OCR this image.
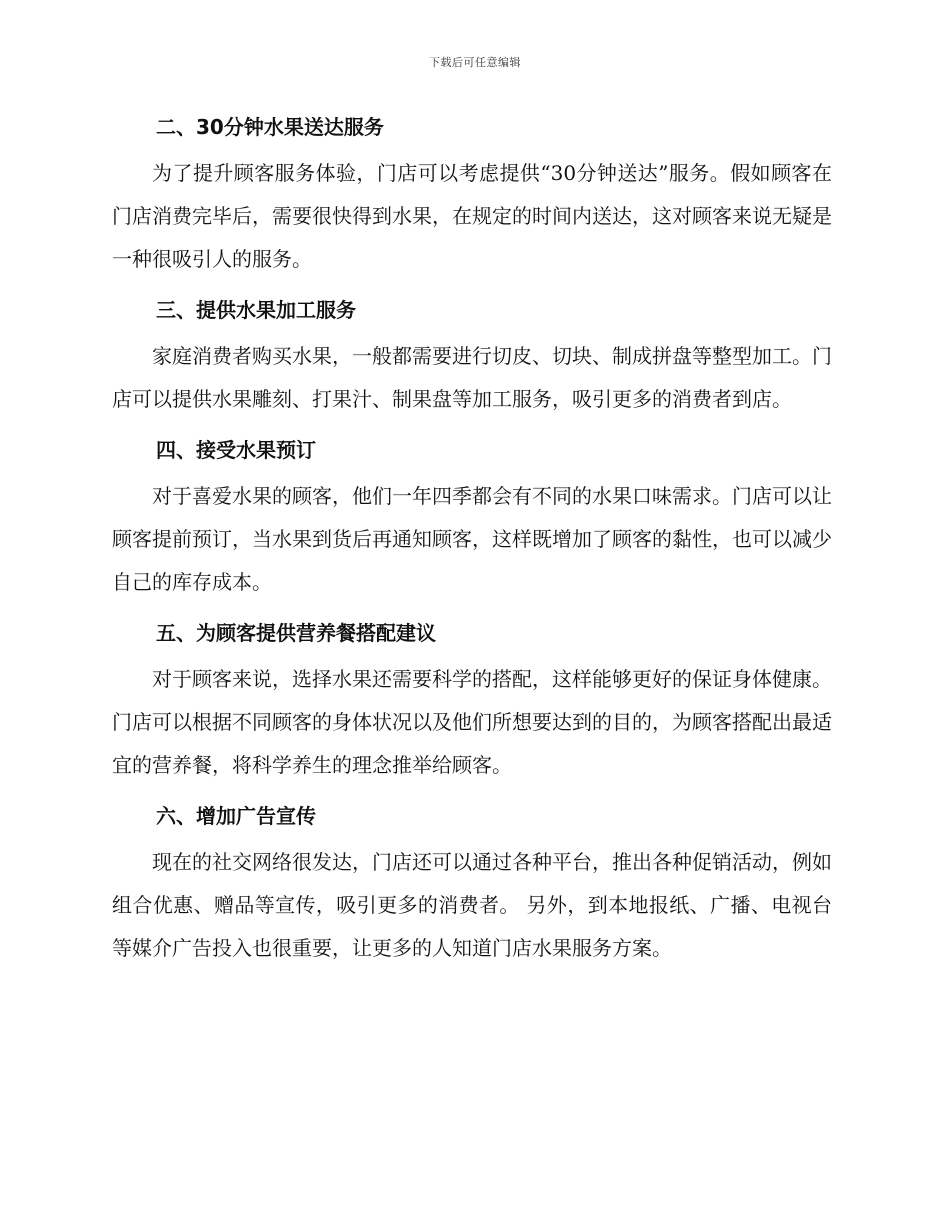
下载后可任意编辑
二、30分钟水果送达服务

为了提升顾客服务体验，门店可以考虑提供“30分钟送达”服务。假如顾客在门店消费完毕后，需要很快得到水果，在规定的时间内送达，这对顾客来说无疑是一种很吸引人的服务。

三、提供水果加工服务

家庭消费者购买水果，一般都需要进行切皮、切块、制成拼盘等整型加工。门店可以提供水果雕刻、打果汁、制果盘等加工服务，吸引更多的消费者到店。

四、接受水果预订

对于喜爱水果的顾客，他们一年四季都会有不同的水果口味需求。门店可以让顾客提前预订，当水果到货后再通知顾客，这样既增加了顾客的黏性，也可以减少自己的库存成本。

五、为顾客提供营养餐搭配建议

对于顾客来说，选择水果还需要科学的搭配，这样能够更好的保证身体健康。门店可以根据不同顾客的身体状况以及他们所想要达到的目的，为顾客搭配出最适宜的营养餐，将科学养生的理念推举给顾客。

六、增加广告宣传

现在的社交网络很发达，门店还可以通过各种平台，推出各种促销活动，例如组合优惠、赠品等宣传，吸引更多的消费者。 另外，到本地报纸、广播、电视台等媒介广告投入也很重要，让更多的人知道门店水果服务方案。
